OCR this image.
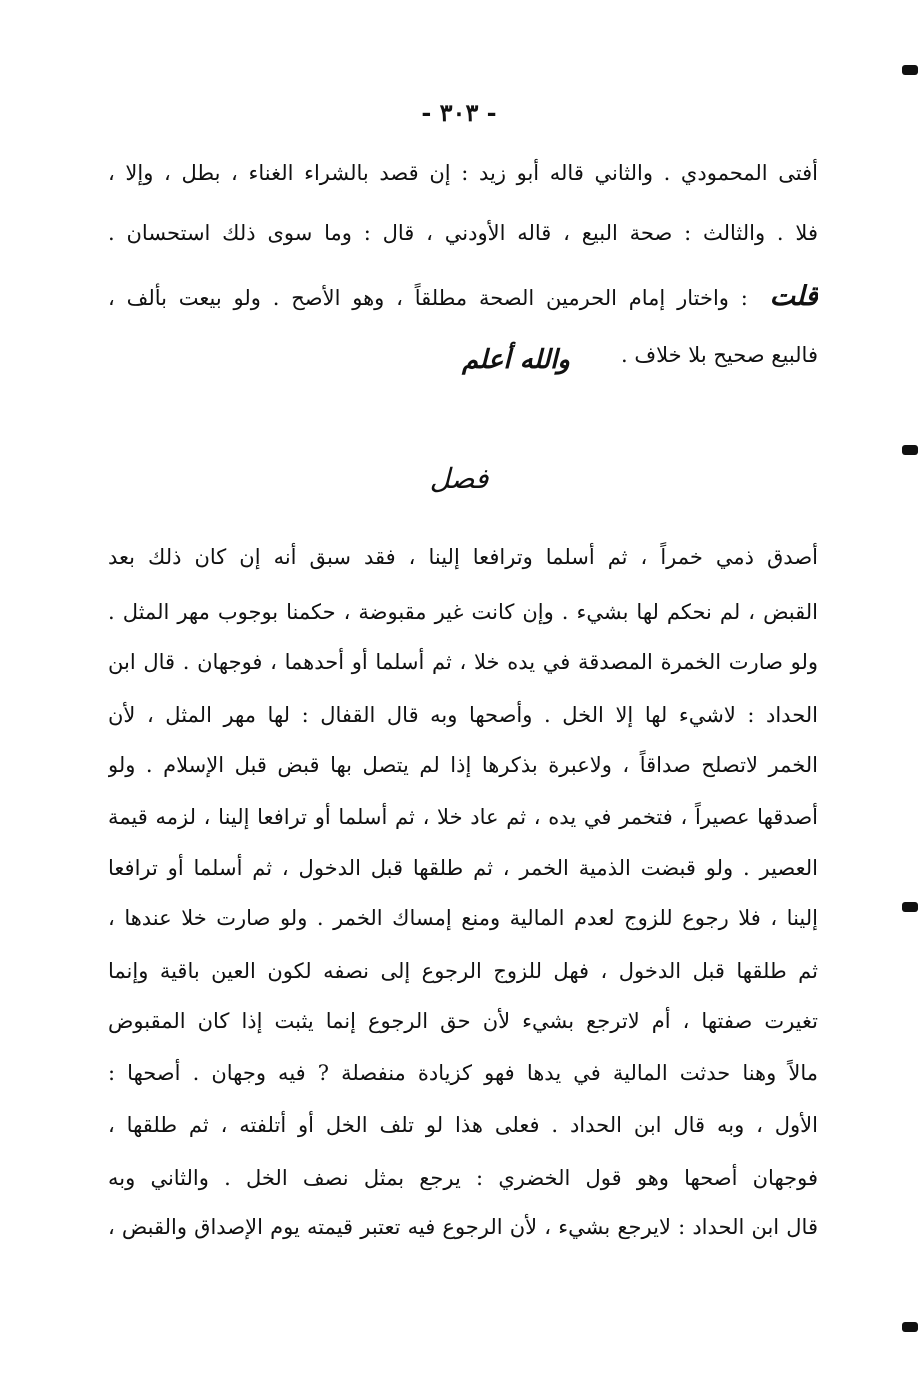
- ٣٠٣ -
أفتى المحمودي . والثاني قاله أبو زيد : إن قصد بالشراء الغناء ، بطل ، وإلا ،
فلا . والثالث : صحة البيع ، قاله الأودني ، قال : وما سوى ذلك استحسان .
قلت : واختار إمام الحرمين الصحة مطلقاً ، وهو الأصح . ولو بيعت بألف ،
فالبيع صحيح بلا خلاف .
والله أعلم
فصل
أصدق ذمي خمراً ، ثم أسلما وترافعا إلينا ، فقد سبق أنه إن كان ذلك بعد
القبض ، لم نحكم لها بشيء . وإن كانت غير مقبوضة ، حكمنا بوجوب مهر المثل .
ولو صارت الخمرة المصدقة في يده خلا ، ثم أسلما أو أحدهما ، فوجهان . قال ابن
الحداد : لاشيء لها إلا الخل . وأصحها وبه قال القفال : لها مهر المثل ، لأن
الخمر لاتصلح صداقاً ، ولاعبرة بذكرها إذا لم يتصل بها قبض قبل الإسلام . ولو
أصدقها عصيراً ، فتخمر في يده ، ثم عاد خلا ، ثم أسلما أو ترافعا إلينا ، لزمه قيمة
العصير . ولو قبضت الذمية الخمر ، ثم طلقها قبل الدخول ، ثم أسلما أو ترافعا
إلينا ، فلا رجوع للزوج لعدم المالية ومنع إمساك الخمر . ولو صارت خلا عندها ،
ثم طلقها قبل الدخول ، فهل للزوج الرجوع إلى نصفه لكون العين باقية وإنما
تغيرت صفتها ، أم لاترجع بشيء لأن حق الرجوع إنما يثبت إذا كان المقبوض
مالاً وهنا حدثت المالية في يدها فهو كزيادة منفصلة ? فيه وجهان . أصحها :
الأول ، وبه قال ابن الحداد . فعلى هذا لو تلف الخل أو أتلفته ، ثم طلقها ،
فوجهان أصحها وهو قول الخضري : يرجع بمثل نصف الخل . والثاني وبه
قال ابن الحداد : لايرجع بشيء ، لأن الرجوع فيه تعتبر قيمته يوم الإصداق والقبض ،
